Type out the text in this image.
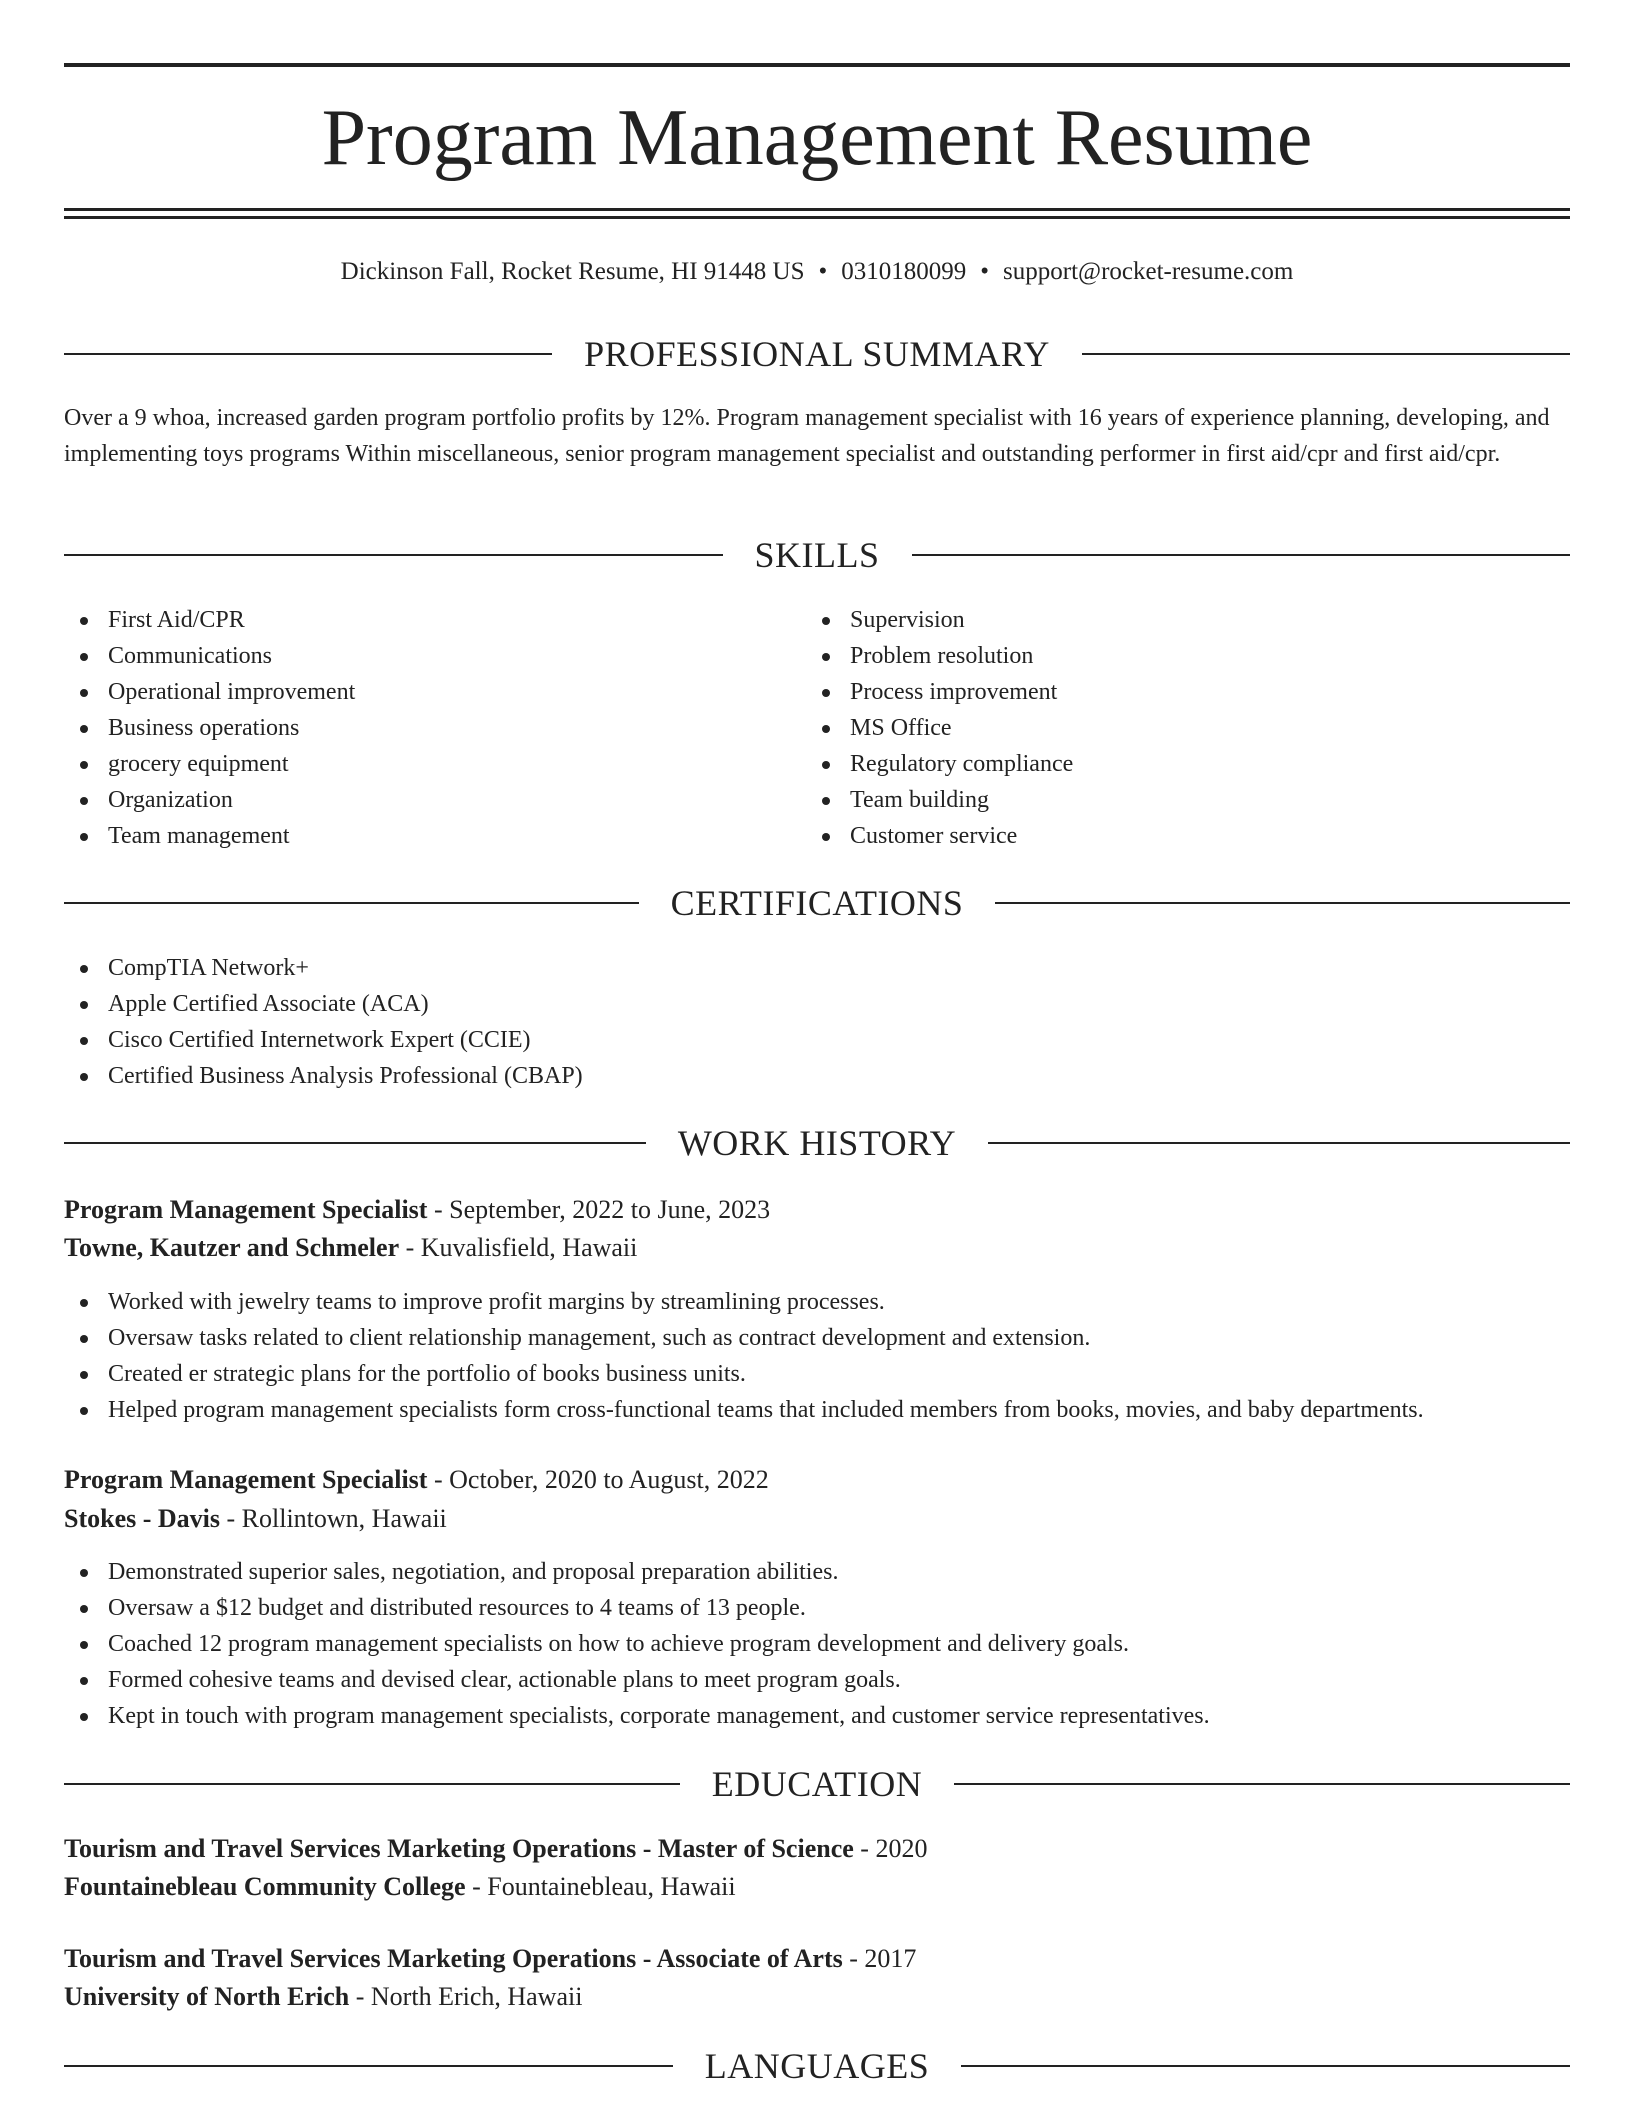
Program Management Resume
Dickinson Fall, Rocket Resume, HI 91448 US • 0310180099 • support@rocket-resume.com
PROFESSIONAL SUMMARY
Over a 9 whoa, increased garden program portfolio profits by 12%. Program management specialist with 16 years of experience planning, developing, and implementing toys programs Within miscellaneous, senior program management specialist and outstanding performer in first aid/cpr and first aid/cpr.
SKILLS
First Aid/CPR
Communications
Operational improvement
Business operations
grocery equipment
Organization
Team management
Supervision
Problem resolution
Process improvement
MS Office
Regulatory compliance
Team building
Customer service
CERTIFICATIONS
CompTIA Network+
Apple Certified Associate (ACA)
Cisco Certified Internetwork Expert (CCIE)
Certified Business Analysis Professional (CBAP)
WORK HISTORY
Program Management Specialist - September, 2022 to June, 2023
Towne, Kautzer and Schmeler - Kuvalisfield, Hawaii
Worked with jewelry teams to improve profit margins by streamlining processes.
Oversaw tasks related to client relationship management, such as contract development and extension.
Created er strategic plans for the portfolio of books business units.
Helped program management specialists form cross-functional teams that included members from books, movies, and baby departments.
Program Management Specialist - October, 2020 to August, 2022
Stokes - Davis - Rollintown, Hawaii
Demonstrated superior sales, negotiation, and proposal preparation abilities.
Oversaw a $12 budget and distributed resources to 4 teams of 13 people.
Coached 12 program management specialists on how to achieve program development and delivery goals.
Formed cohesive teams and devised clear, actionable plans to meet program goals.
Kept in touch with program management specialists, corporate management, and customer service representatives.
EDUCATION
Tourism and Travel Services Marketing Operations - Master of Science - 2020
Fountainebleau Community College - Fountainebleau, Hawaii
Tourism and Travel Services Marketing Operations - Associate of Arts - 2017
University of North Erich - North Erich, Hawaii
LANGUAGES
